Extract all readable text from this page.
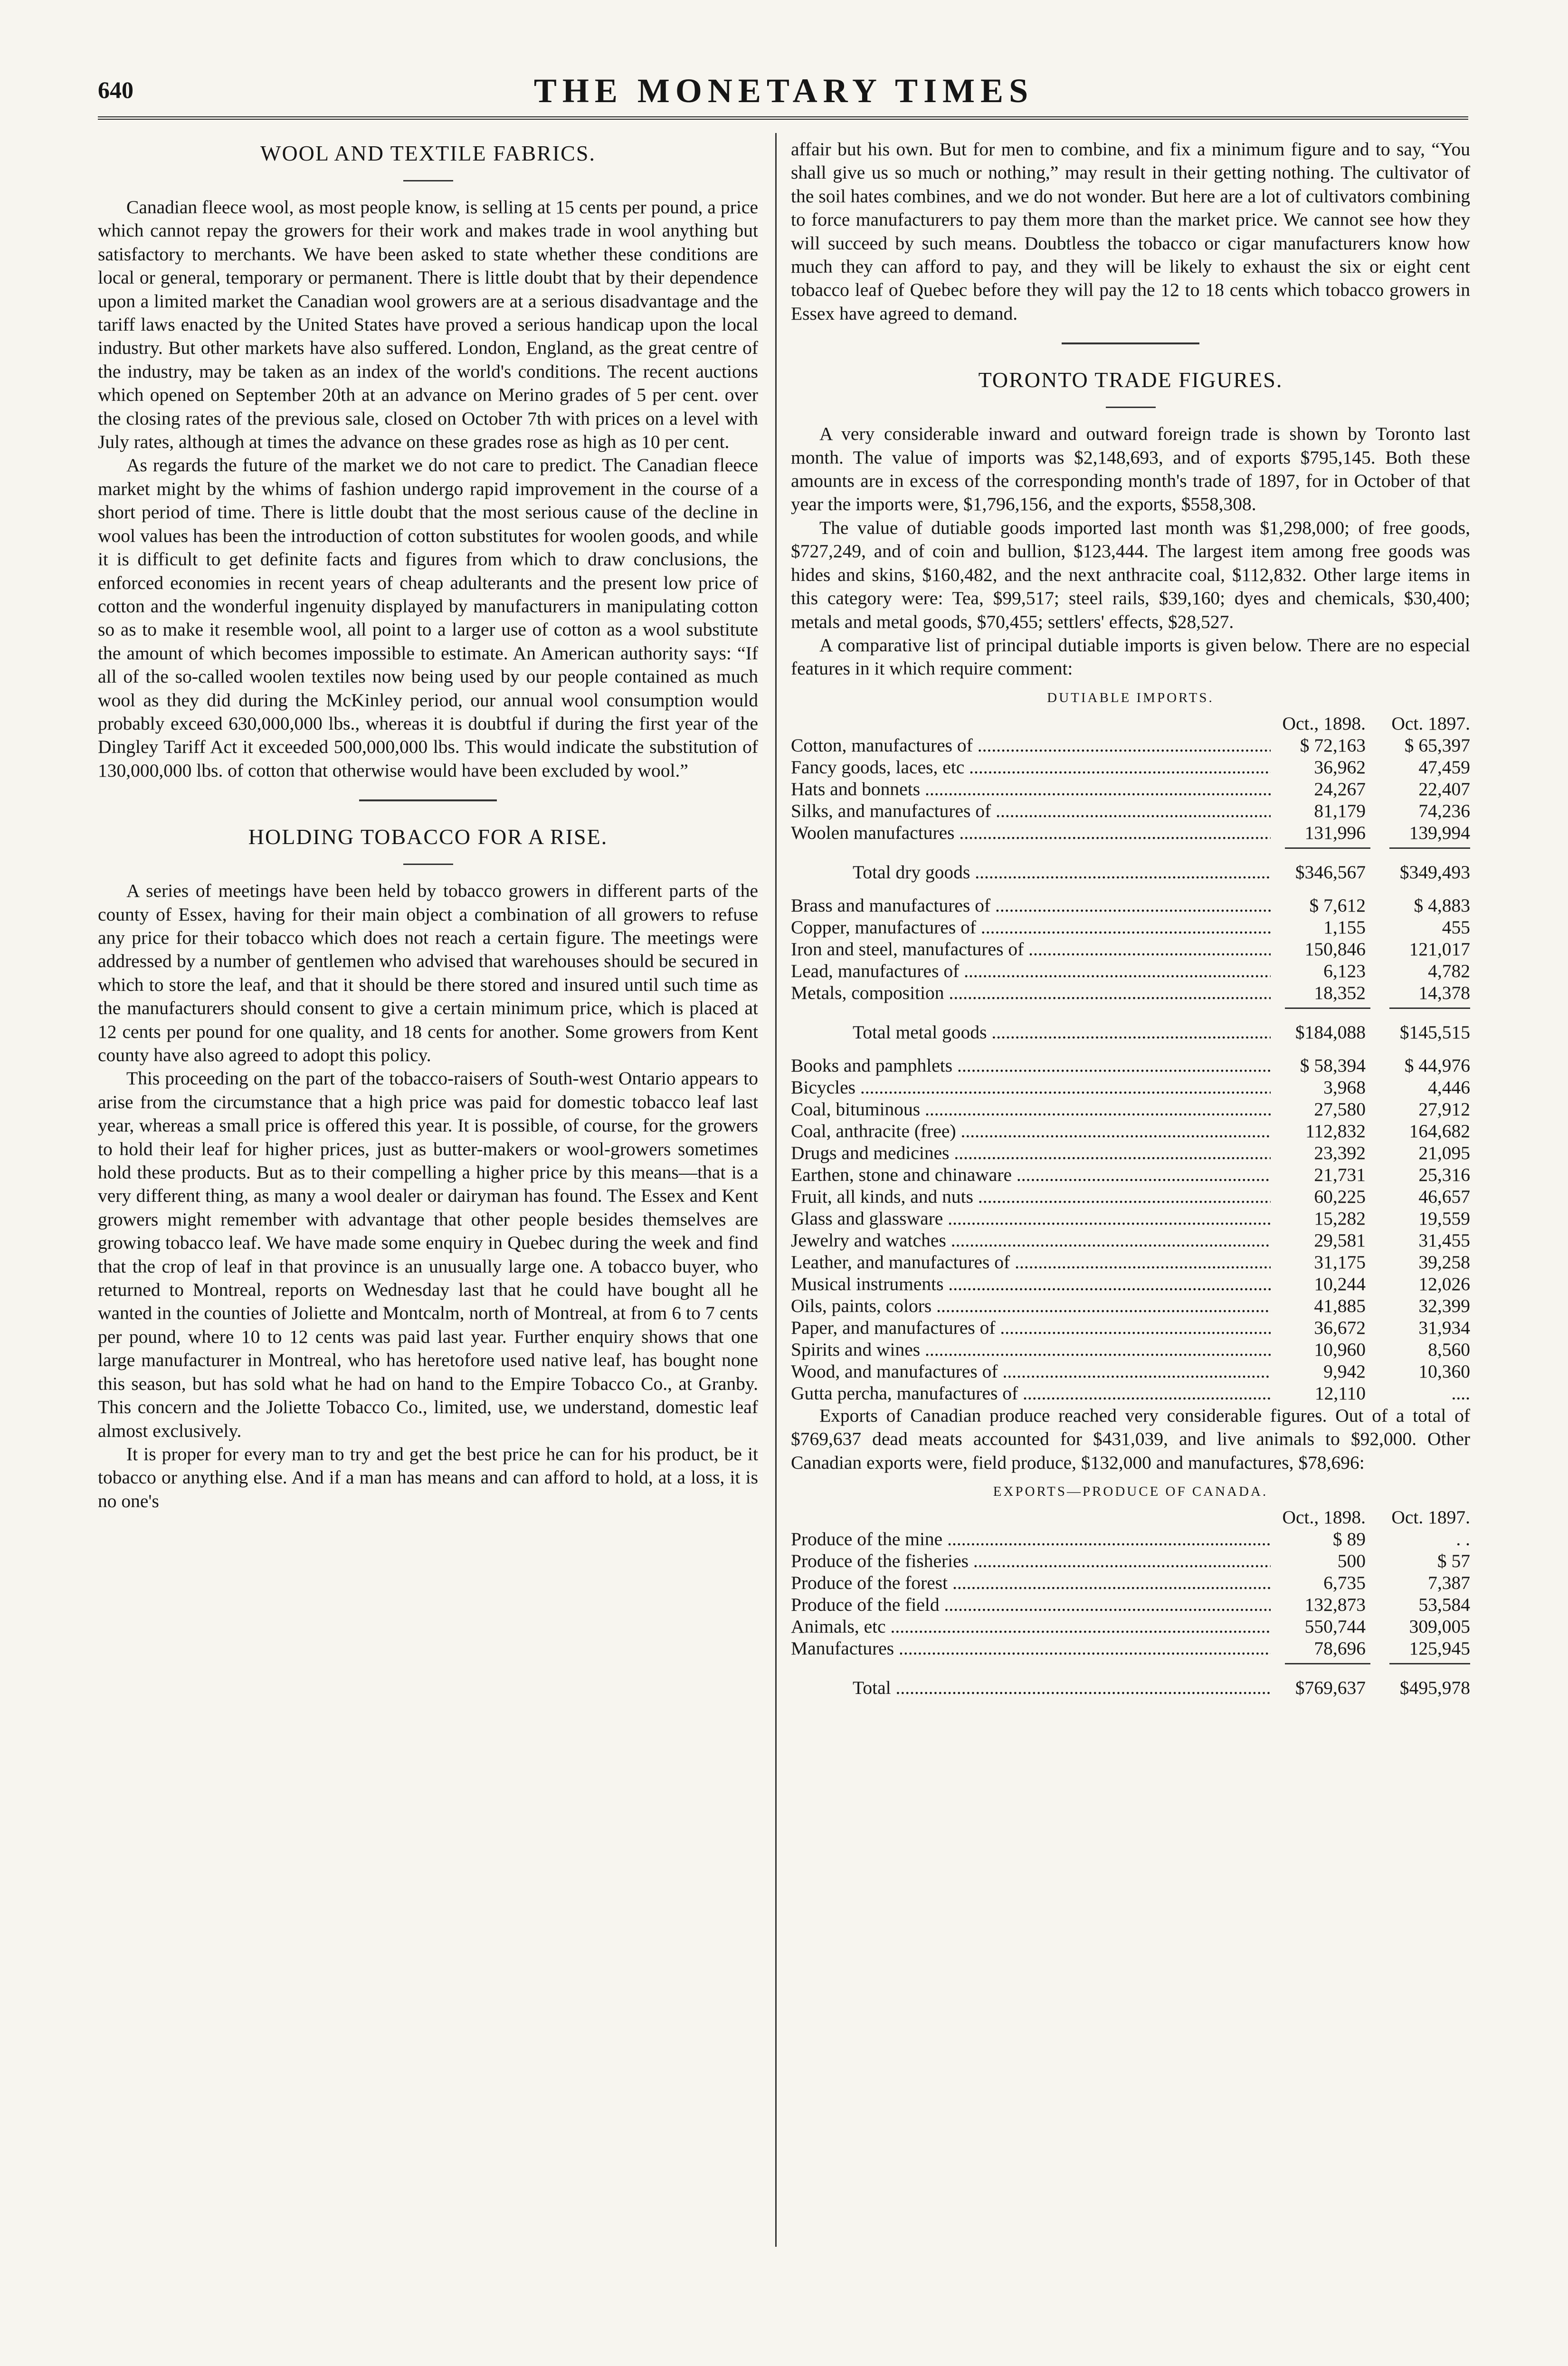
640	THE MONETARY TIMES
WOOL AND TEXTILE FABRICS.

Canadian fleece wool, as most people know, is selling at 15 cents per pound, a price which cannot repay the growers for their work and makes trade in wool anything but satisfactory to merchants. We have been asked to state whether these conditions are local or general, temporary or permanent. There is little doubt that by their dependence upon a limited market the Canadian wool growers are at a serious disadvantage and the tariff laws enacted by the United States have proved a serious handicap upon the local industry. But other markets have also suffered. London, England, as the great centre of the industry, may be taken as an index of the world's conditions. The recent auctions which opened on September 20th at an advance on Merino grades of 5 per cent. over the closing rates of the previous sale, closed on October 7th with prices on a level with July rates, although at times the advance on these grades rose as high as 10 per cent.

As regards the future of the market we do not care to predict. The Canadian fleece market might by the whims of fashion undergo rapid improvement in the course of a short period of time. There is little doubt that the most serious cause of the decline in wool values has been the introduction of cotton substitutes for woolen goods, and while it is difficult to get definite facts and figures from which to draw conclusions, the enforced economies in recent years of cheap adulterants and the present low price of cotton and the wonderful ingenuity displayed by manufacturers in manipulating cotton so as to make it resemble wool, all point to a larger use of cotton as a wool substitute the amount of which becomes impossible to estimate. An American authority says: “If all of the so-called woolen textiles now being used by our people contained as much wool as they did during the McKinley period, our annual wool consumption would probably exceed 630,000,000 lbs., whereas it is doubtful if during the first year of the Dingley Tariff Act it exceeded 500,000,000 lbs. This would indicate the substitution of 130,000,000 lbs. of cotton that otherwise would have been excluded by wool.”

HOLDING TOBACCO FOR A RISE.

A series of meetings have been held by tobacco growers in different parts of the county of Essex, having for their main object a combination of all growers to refuse any price for their tobacco which does not reach a certain figure. The meetings were addressed by a number of gentlemen who advised that warehouses should be secured in which to store the leaf, and that it should be there stored and insured until such time as the manufacturers should consent to give a certain minimum price, which is placed at 12 cents per pound for one quality, and 18 cents for another. Some growers from Kent county have also agreed to adopt this policy.

This proceeding on the part of the tobacco-raisers of South-west Ontario appears to arise from the circumstance that a high price was paid for domestic tobacco leaf last year, whereas a small price is offered this year. It is possible, of course, for the growers to hold their leaf for higher prices, just as butter-makers or wool-growers sometimes hold these products. But as to their compelling a higher price by this means—that is a very different thing, as many a wool dealer or dairyman has found. The Essex and Kent growers might remember with advantage that other people besides themselves are growing tobacco leaf. We have made some enquiry in Quebec during the week and find that the crop of leaf in that province is an unusually large one. A tobacco buyer, who returned to Montreal, reports on Wednesday last that he could have bought all he wanted in the counties of Joliette and Montcalm, north of Montreal, at from 6 to 7 cents per pound, where 10 to 12 cents was paid last year. Further enquiry shows that one large manufacturer in Montreal, who has heretofore used native leaf, has bought none this season, but has sold what he had on hand to the Empire Tobacco Co., at Granby. This concern and the Joliette Tobacco Co., limited, use, we understand, domestic leaf almost exclusively.

It is proper for every man to try and get the best price he can for his product, be it tobacco or anything else. And if a man has means and can afford to hold, at a loss, it is no one's

affair but his own. But for men to combine, and fix a minimum figure and to say, “You shall give us so much or nothing,” may result in their getting nothing. The cultivator of the soil hates combines, and we do not wonder. But here are a lot of cultivators combining to force manufacturers to pay them more than the market price. We cannot see how they will succeed by such means. Doubtless the tobacco or cigar manufacturers know how much they can afford to pay, and they will be likely to exhaust the six or eight cent tobacco leaf of Quebec before they will pay the 12 to 18 cents which tobacco growers in Essex have agreed to demand.

TORONTO TRADE FIGURES.

A very considerable inward and outward foreign trade is shown by Toronto last month. The value of imports was $2,148,693, and of exports $795,145. Both these amounts are in excess of the corresponding month's trade of 1897, for in October of that year the imports were, $1,796,156, and the exports, $558,308.

The value of dutiable goods imported last month was $1,298,000; of free goods, $727,249, and of coin and bullion, $123,444. The largest item among free goods was hides and skins, $160,482, and the next anthracite coal, $112,832. Other large items in this category were: Tea, $99,517; steel rails, $39,160; dyes and chemicals, $30,400; metals and metal goods, $70,455; settlers' effects, $28,527.

A comparative list of principal dutiable imports is given below. There are no especial features in it which require comment:

DUTIABLE IMPORTS.
Oct., 1898.	Oct. 1897.
Cotton, manufactures of .....	$ 72,163	$ 65,397
Fancy goods, laces, etc .....	36,962	47,459
Hats and bonnets .....	24,267	22,407
Silks, and manufactures of .....	81,179	74,236
Woolen manufactures .....	131,996	139,994
Total dry goods .....	$346,567	$349,493
Brass and manufactures of .....	$ 7,612	$ 4,883
Copper, manufactures of .....	1,155	455
Iron and steel, manufactures of .....	150,846	121,017
Lead, manufactures of .....	6,123	4,782
Metals, composition .....	18,352	14,378
Total metal goods .....	$184,088	$145,515
Books and pamphlets .....	$ 58,394	$ 44,976
Bicycles .....	3,968	4,446
Coal, bituminous .....	27,580	27,912
Coal, anthracite (free) .....	112,832	164,682
Drugs and medicines .....	23,392	21,095
Earthen, stone and chinaware .....	21,731	25,316
Fruit, all kinds, and nuts .....	60,225	46,657
Glass and glassware .....	15,282	19,559
Jewelry and watches .....	29,581	31,455
Leather, and manufactures of .....	31,175	39,258
Musical instruments .....	10,244	12,026
Oils, paints, colors .....	41,885	32,399
Paper, and manufactures of .....	36,672	31,934
Spirits and wines .....	10,960	8,560
Wood, and manufactures of .....	9,942	10,360
Gutta percha, manufactures of .....	12,110	....

Exports of Canadian produce reached very considerable figures. Out of a total of $769,637 dead meats accounted for $431,039, and live animals to $92,000. Other Canadian exports were, field produce, $132,000 and manufactures, $78,696:

EXPORTS—PRODUCE OF CANADA.
Oct., 1898.	Oct. 1897.
Produce of the mine .....	$ 89	. .
Produce of the fisheries .....	500	$ 57
Produce of the forest .....	6,735	7,387
Produce of the field .....	132,873	53,584
Animals, etc .....	550,744	309,005
Manufactures .....	78,696	125,945
Total .....	$769,637	$495,978
